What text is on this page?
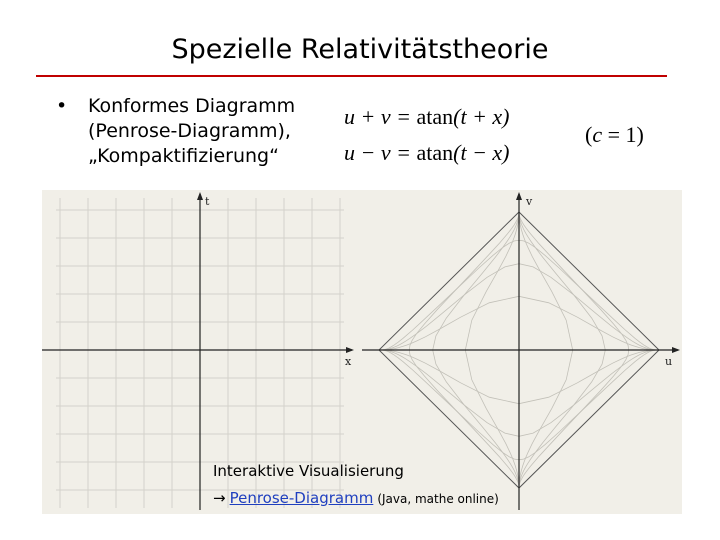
Spezielle Relativitätstheorie
• Konformes Diagramm
(Penrose-Diagramm),
„Kompaktifizierung“
u + v = atan(t + x)
u − v = atan(t − x)
(c = 1)
t
x
v
u
Interaktive Visualisierung
→ Penrose-Diagramm (Java, mathe online)
